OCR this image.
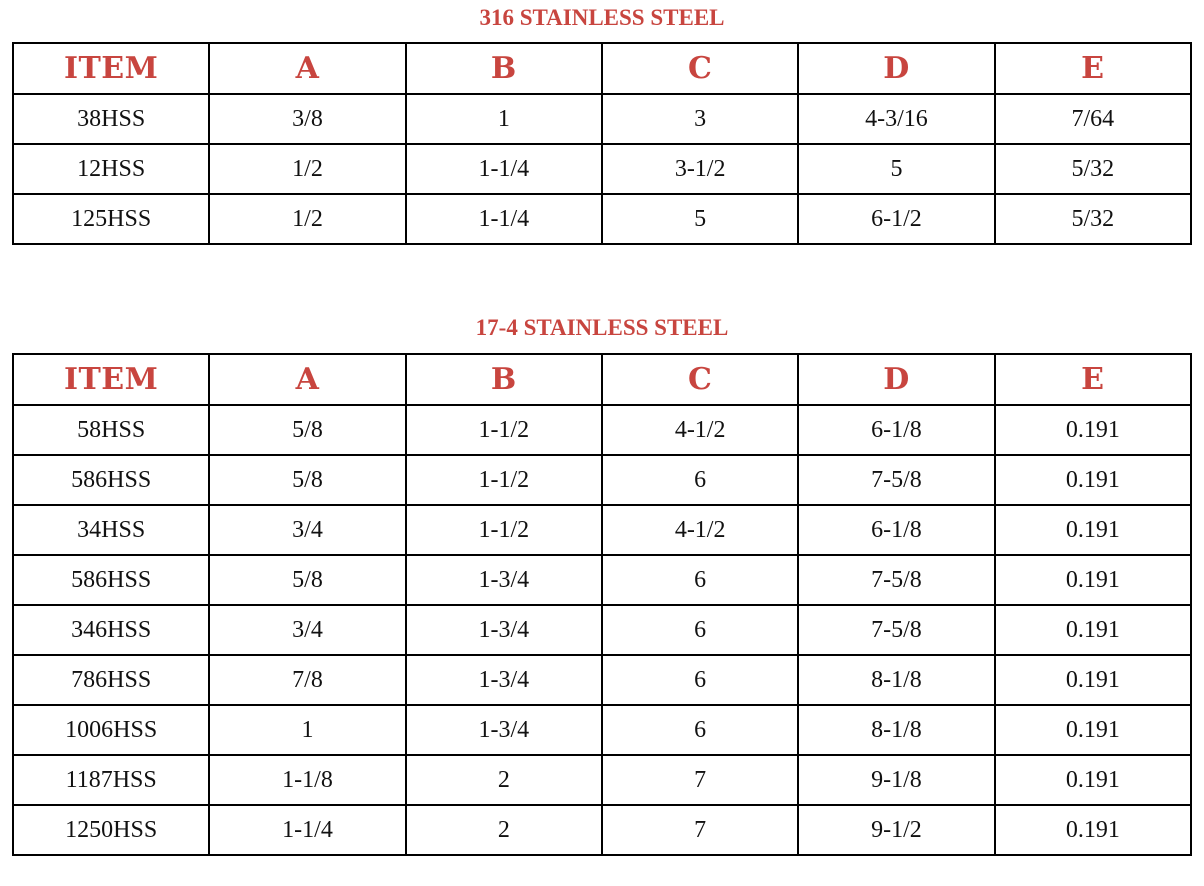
316 STAINLESS STEEL
ITEM	A	B	C	D	E
38HSS	3/8	1	3	4-3/16	7/64
12HSS	1/2	1-1/4	3-1/2	5	5/32
125HSS	1/2	1-1/4	5	6-1/2	5/32
17-4 STAINLESS STEEL
ITEM	A	B	C	D	E
58HSS	5/8	1-1/2	4-1/2	6-1/8	0.191
586HSS	5/8	1-1/2	6	7-5/8	0.191
34HSS	3/4	1-1/2	4-1/2	6-1/8	0.191
586HSS	5/8	1-3/4	6	7-5/8	0.191
346HSS	3/4	1-3/4	6	7-5/8	0.191
786HSS	7/8	1-3/4	6	8-1/8	0.191
1006HSS	1	1-3/4	6	8-1/8	0.191
1187HSS	1-1/8	2	7	9-1/8	0.191
1250HSS	1-1/4	2	7	9-1/2	0.191
